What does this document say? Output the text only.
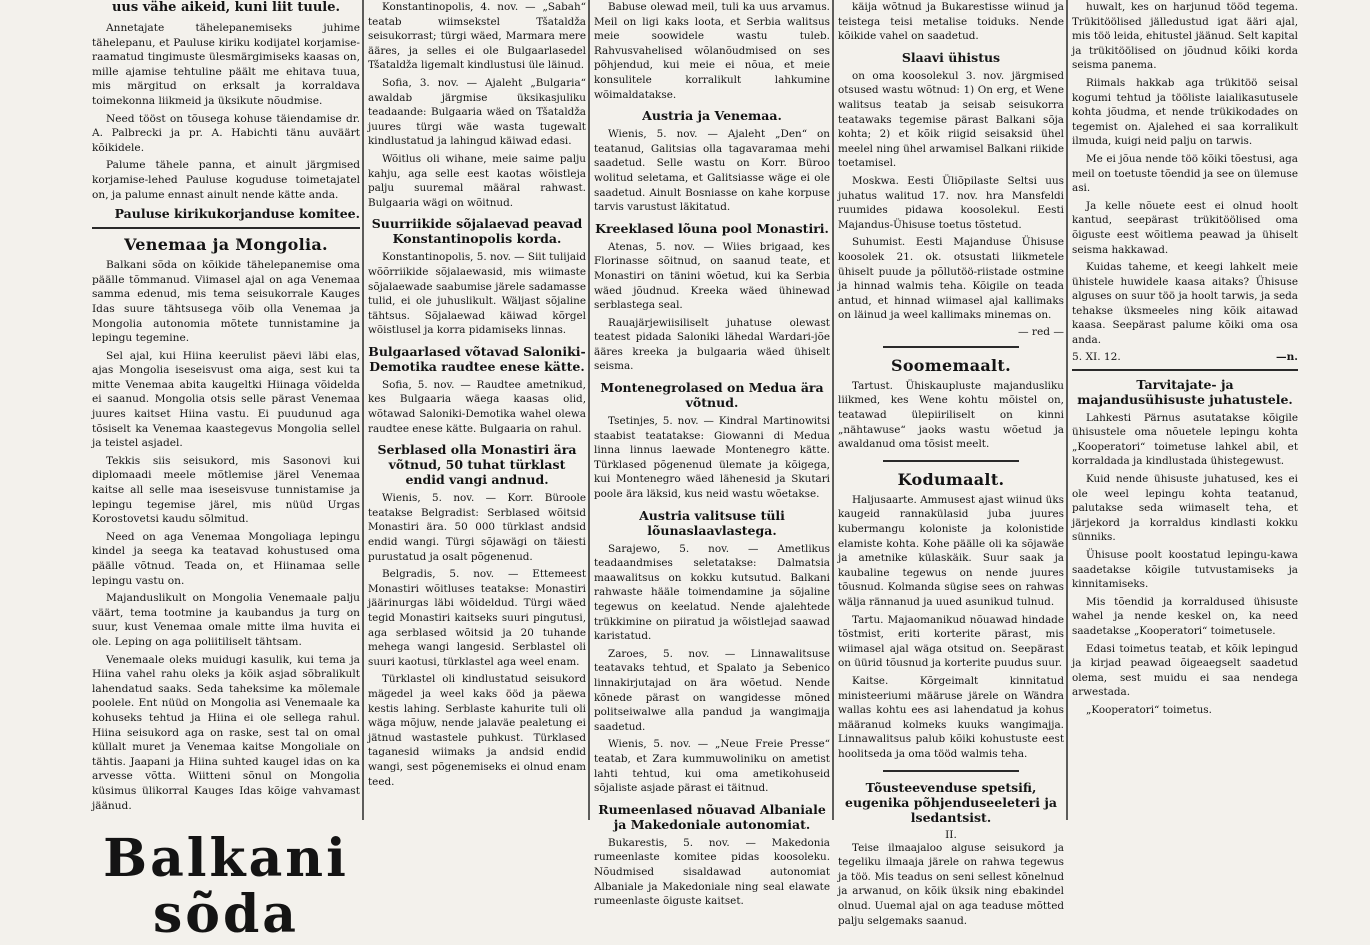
uus vähe aikeid, kuni liit tuule.

Annetajate tähelepanemiseks juhime tähelepanu, et Pauluse kiriku kodijatel korjamise-raamatud tingimuste ülesmärgimiseks kaasas on, mille ajamise tehtuline päält me ehitava tuua, mis märgitud on erksalt ja korraldava toimekonna liikmeid ja üksikute nõudmise.

Need tööst on tõusega kohuse täiendamise dr. A. Palbrecki ja pr. A. Habichti tänu auväärt kõikidele.

Palume tähele panna, et ainult järgmised korjamise-lehed Pauluse koguduse toimetajatel on, ja palume ennast ainult nende kätte anda.

Pauluse kirikukorjanduse komitee.
Venemaa ja Mongolia.

Balkani sõda on kõikide tähelepanemise oma päälle tõmmanud. Viimasel ajal on aga Venemaa samma edenud, mis tema seisukorrale Kauges Idas suure tähtsusega võib olla Venemaa ja Mongolia autonomia mõtete tunnistamine ja lepingu tegemine.

Sel ajal, kui Hiina keerulist päevi läbi elas, ajas Mongolia iseseisvust oma aiga, sest kui ta mitte Venemaa abita kaugeltki Hiinaga võidelda ei saanud. Mongolia otsis selle pärast Venemaa juures kaitset Hiina vastu. Ei puudunud aga tõsiselt ka Venemaa kaastegevus Mongolia sellel ja teistel asjadel.

Tekkis siis seisukord, mis Sasonovi kui diplomaadi meele mõtlemise järel Venemaa kaitse all selle maa iseseisvuse tunnistamise ja lepingu tegemise järel, mis nüüd Urgas Korostovetsi kaudu sõlmitud.

Need on aga Venemaa Mongoliaga lepingu kindel ja seega ka teatavad kohustused oma päälle võtnud. Teada on, et Hiinamaa selle lepingu vastu on.

Majanduslikult on Mongolia Venemaale palju väärt, tema tootmine ja kaubandus ja turg on suur, kust Venemaa omale mitte ilma huvita ei ole. Leping on aga poliitiliselt tähtsam.

Venemaale oleks muidugi kasulik, kui tema ja Hiina vahel rahu oleks ja kõik asjad sõbralikult lahendatud saaks. Seda taheksime ka mõlemale poolele. Ent nüüd on Mongolia asi Venemaale ka kohuseks tehtud ja Hiina ei ole sellega rahul. Hiina seisukord aga on raske, sest tal on omal küllalt muret ja Venemaa kaitse Mongoliale on tähtis. Jaapani ja Hiina suhted kaugel idas on ka arvesse võtta. Wiitteni sõnul on Mongolia küsimus ülikorral Kauges Idas kõige vahvamast jäänud.

Balkani sõda

Konstantinopolis, 4. nov. — „Sabah“ teatab wiimsekstel Tšataldža seisukorrast; türgi wäed, Marmara mere ääres, ja selles ei ole Bulgaarlasedel Tšataldža ligemalt kindlustusi üle läinud.

Sofia, 3. nov. — Ajaleht „Bulgaria“ awaldab järgmise üksikasjuliku teadaande: Bulgaaria wäed on Tšataldža juures türgi wäe wasta tugewalt kindlustatud ja lahingud käiwad edasi.

Wõitlus oli wihane, meie saime palju kahju, aga selle eest kaotas wõistleja palju suuremal määral rahwast. Bulgaaria wägi on wõitnud.

Suurriikide sõjalaevad peavad Konstantinopolis korda.

Konstantinopolis, 5. nov. — Siit tulijaid wõõrriikide sõjalaewasid, mis wiimaste sõjalaewade saabumise järele sadamasse tulid, ei ole juhuslikult. Wäljast sõjaline tähtsus. Sõjalaewad käiwad kõrgel wõistlusel ja korra pidamiseks linnas.

Bulgaarlased võtavad Saloniki-Demotika raudtee enese kätte.

Sofia, 5. nov. — Raudtee ametnikud, kes Bulgaaria wäega kaasas olid, wõtawad Saloniki-Demotika wahel olewa raudtee enese kätte. Bulgaaria on rahul.

Serblased olla Monastiri ära võtnud, 50 tuhat türklast endid vangi andnud.

Wienis, 5. nov. — Korr. Büroole teatakse Belgradist: Serblased wõitsid Monastiri ära. 50 000 türklast andsid endid wangi. Türgi sõjawägi on täiesti purustatud ja osalt põgenenud.

Belgradis, 5. nov. — Ettemeest Monastiri wõitluses teatakse: Monastiri jäärinurgas läbi wõideldud. Türgi wäed tegid Monastiri kaitseks suuri pingutusi, aga serblased wõitsid ja 20 tuhande mehega wangi langesid. Serblastel oli suuri kaotusi, türklastel aga weel enam.

Türklastel oli kindlustatud seisukord mägedel ja weel kaks ööd ja päewa kestis lahing. Serblaste kahurite tuli oli wäga mõjuw, nende jalaväe pealetung ei jätnud wastastele puhkust. Türklased taganesid wiimaks ja andsid endid wangi, sest põgenemiseks ei olnud enam teed.

Babuse olewad meil, tuli ka uus arvamus. Meil on ligi kaks loota, et Serbia walitsus meie soowidele wastu tuleb. Rahvusvahelised wõlanõudmised on ses põhjendud, kui meie ei nõua, et meie konsulitele korralikult lahkumine wõimaldatakse.

Austria ja Venemaa.

Wienis, 5. nov. — Ajaleht „Den“ on teatanud, Galitsias olla tagavaramaa mehi saadetud. Selle wastu on Korr. Büroo wolitud seletama, et Galitsiasse wäge ei ole saadetud. Ainult Bosniasse on kahe korpuse tarvis varustust läkitatud.

Kreeklased lõuna pool Monastiri.

Atenas, 5. nov. — Wiies brigaad, kes Florinasse sõitnud, on saanud teate, et Monastiri on tänini wõetud, kui ka Serbia wäed jõudnud. Kreeka wäed ühinewad serblastega seal.

Rauajärjewiisiliselt juhatuse olewast teatest pidada Saloniki lähedal Wardari-jõe ääres kreeka ja bulgaaria wäed ühiselt seisma.

Montenegrolased on Medua ära võtnud.

Tsetinjes, 5. nov. — Kindral Martinowitsi staabist teatatakse: Giowanni di Medua linna linnus laewade Montenegro kätte. Türklased põgenenud ülemate ja kõigega, kui Montenegro wäed lähenesid ja Skutari poole ära läksid, kus neid wastu wõetakse.

Austria valitsuse tüli lõunaslaavlastega.

Sarajewo, 5. nov. — Ametlikus teadaandmises seletatakse: Dalmatsia maawalitsus on kokku kutsutud. Balkani rahwaste hääle toimendamine ja sõjaline tegewus on keelatud. Nende ajalehtede trükkimine on piiratud ja wõistlejad saawad karistatud.

Zaroes, 5. nov. — Linnawalitsuse teatavaks tehtud, et Spalato ja Sebenico linnakirjutajad on ära wõetud. Nende kõnede pärast on wangidesse mõned politseiwalwe alla pandud ja wangimajja saadetud.

Wienis, 5. nov. — „Neue Freie Presse“ teatab, et Zara kummuwoliniku on ametist lahti tehtud, kui oma ametikohuseid sõjaliste asjade pärast ei täitnud.

Rumeenlased nõuavad Albaniale ja Makedoniale autonomiat.

Bukarestis, 5. nov. — Makedonia rumeenlaste komitee pidas koosoleku. Nõudmised sisaldawad autonomiat Albaniale ja Makedoniale ning seal elawate rumeenlaste õiguste kaitset.

käija wõtnud ja Bukarestisse wiinud ja teistega teisi metalise toiduks. Nende kõikide vahel on saadetud.

Slaavi ühistus

on oma koosolekul 3. nov. järgmised otsused wastu wõtnud: 1) On erg, et Wene walitsus teatab ja seisab seisukorra teatawaks tegemise pärast Balkani sõja kohta; 2) et kõik riigid seisaksid ühel meelel ning ühel arwamisel Balkani riikide toetamisel.

Moskwa. Eesti Üliõpilaste Seltsi uus juhatus walitud 17. nov. hra Mansfeldi ruumides pidawa koosolekul. Eesti Majandus-Ühisuse toetus tõstetud.

Suhumist. Eesti Majanduse Ühisuse koosolek 21. ok. otsustati liikmetele ühiselt puude ja põllutöö-riistade ostmine ja hinnad walmis teha. Kõigile on teada antud, et hinnad wiimasel ajal kallimaks on läinud ja weel kallimaks minemas on.

— red —
Soomemaalt.

Tartust. Ühiskaupluste majandusliku liikmed, kes Wene kohtu mõistel on, teatawad ülepiiriliselt on kinni „nähtawuse“ jaoks wastu wõetud ja awaldanud oma tõsist meelt.

Kodumaalt.

Haljusaarte. Ammusest ajast wiinud üks kaugeid rannakülasid juba juures kubermangu koloniste ja kolonistide elamiste kohta. Kohe päälle oli ka sõjawäe ja ametnike külaskäik. Suur saak ja kaubaline tegewus on nende juures tõusnud. Kolmanda sügise sees on rahwas wälja rännanud ja uued asunikud tulnud.

Tartu. Majaomanikud nõuawad hindade tõstmist, eriti korterite pärast, mis wiimasel ajal wäga otsitud on. Seepärast on üürid tõusnud ja korterite puudus suur.

Kaitse. Kõrgeimalt kinnitatud ministeeriumi määruse järele on Wändra wallas kohtu ees asi lahendatud ja kohus määranud kolmeks kuuks wangimajja. Linnawalitsus palub kõiki kohustuste eest hoolitseda ja oma tööd walmis teha.

Tõusteevenduse spetsifi, eugenika põhjenduseeleteri ja lsedantsist.
II.

Teise ilmaajaloo alguse seisukord ja tegeliku ilmaaja järele on rahwa tegewus ja töö. Mis teadus on seni sellest kõnelnud ja arwanud, on kõik üksik ning ebakindel olnud. Uuemal ajal on aga teaduse mõtted palju selgemaks saanud.

huwalt, kes on harjunud tööd tegema. Trükitöölised jälledustud igat ääri ajal, mis töö leida, ehitustel jäänud. Selt kapital ja trükitöölised on jõudnud kõiki korda seisma panema.

Riimals hakkab aga trükitöö seisal kogumi tehtud ja tööliste laialikasutusele kohta jõudma, et nende trükikodades on tegemist on. Ajalehed ei saa korralikult ilmuda, kuigi neid palju on tarwis.

Me ei jõua nende töö kõiki tõestusi, aga meil on toetuste tõendid ja see on ülemuse asi.

Ja kelle nõuete eest ei olnud hoolt kantud, seepärast trükitöölised oma õiguste eest wõitlema peawad ja ühiselt seisma hakkawad.

Kuidas taheme, et keegi lahkelt meie ühistele huwidele kaasa aitaks? Ühisuse alguses on suur töö ja hoolt tarwis, ja seda tehakse üksmeeles ning kõik aitawad kaasa. Seepärast palume kõiki oma osa anda.

5. XI. 12.	—n.
Tarvitajate- ja majandusühisuste juhatustele.

Lahkesti Pärnus asutatakse kõigile ühisustele oma nõuetele lepingu kohta „Kooperatori“ toimetuse lahkel abil, et korraldada ja kindlustada ühistegewust.

Kuid nende ühisuste juhatused, kes ei ole weel lepingu kohta teatanud, palutakse seda wiimaselt teha, et järjekord ja korraldus kindlasti kokku sünniks.

Ühisuse poolt koostatud lepingu-kawa saadetakse kõigile tutvustamiseks ja kinnitamiseks.

Mis tõendid ja korraldused ühisuste wahel ja nende keskel on, ka need saadetakse „Kooperatori“ toimetusele.

Edasi toimetus teatab, et kõik lepingud ja kirjad peawad õigeaegselt saadetud olema, sest muidu ei saa nendega arwestada.

„Kooperatori“ toimetus.
